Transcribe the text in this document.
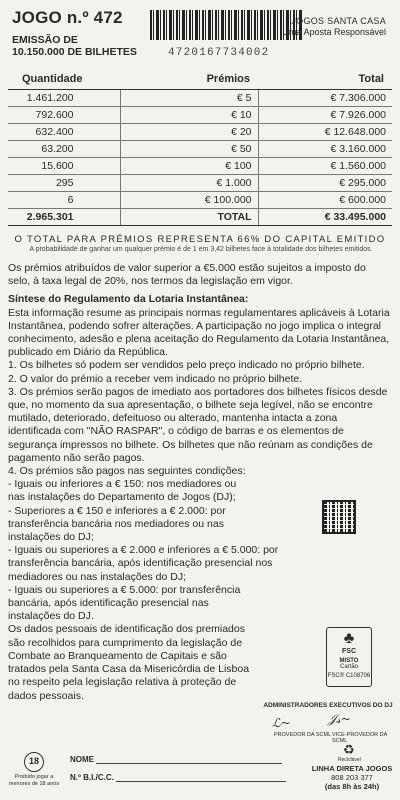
JOGO n.º 472
EMISSÃO DE
10.150.000 DE BILHETES	4720167734002
JOGOS SANTA CASA
Uma Aposta Responsável
Quantidade	Prémios	Total
1.461.200	€ 5	€ 7.306.000
792.600	€ 10	€ 7.926.000
632.400	€ 20	€ 12.648.000
63.200	€ 50	€ 3.160.000
15.600	€ 100	€ 1.560.000
295	€ 1.000	€ 295.000
6	€ 100.000	€ 600.000
2.965.301	TOTAL	€ 33.495.000
O TOTAL PARA PRÉMIOS REPRESENTA 66% DO CAPITAL EMITIDO
A probabilidade de ganhar um qualquer prémio é de 1 em 3,42 bilhetes face à totalidade dos bilhetes emitidos

Os prémios atribuídos de valor superior a €5.000 estão sujeitos a imposto do selo, à taxa legal de 20%, nos termos da legislação em vigor.

Síntese do Regulamento da Lotaria Instantânea:

Esta informação resume as principais normas regulamentares aplicáveis à Lotaria Instantânea, podendo sofrer alterações. A participação no jogo implica o integral conhecimento, adesão e plena aceitação do Regulamento da Lotaria Instantânea, publicado em Diário da República.

1. Os bilhetes só podem ser vendidos pelo preço indicado no próprio bilhete.

2. O valor do prémio a receber vem indicado no próprio bilhete.

3. Os prémios serão pagos de imediato aos portadores dos bilhetes físicos desde que, no momento da sua apresentação, o bilhete seja legível, não se encontre mutilado, deteriorado, defeituoso ou alterado, mantenha intacta a zona identificada com "NÃO RASPAR", o código de barras e os elementos de segurança impressos no bilhete. Os bilhetes que não reúnam as condições de pagamento não serão pagos.

4. Os prémios são pagos nas seguintes condições:

- Iguais ou inferiores a € 150: nos mediadores ou nas instalações do Departamento de Jogos (DJ);

- Superiores a € 150 e inferiores a € 2.000: por transferência bancária nos mediadores ou nas instalações do DJ;

- Iguais ou superiores a € 2.000 e inferiores a € 5.000: por transferência bancária, após identificação presencial nos mediadores ou nas instalações do DJ;

- Iguais ou superiores a € 5.000: por transferência bancária, após identificação presencial nas instalações do DJ.

Os dados pessoais de identificação dos premiados são recolhidos para cumprimento da legislação de Combate ao Branqueamento de Capitais e são tratados pela Santa Casa da Misericórdia de Lisboa no respeito pela legislação relativa à proteção de dados pessoais.

♣
FSC
MISTO
Cartão
FSC® C108706
ADMINISTRADORES EXECUTIVOS DO DJ
ℒ~	𝒥𝓈~
PROVEDOR DA SCML VICE-PROVEDOR DA SCML
18
Proibido jogar a menores de 18 anos
NOME
N.º B.I./C.C.
♻
Reciclável
LINHA DIRETA JOGOS
808 203 377
(das 8h às 24h)
